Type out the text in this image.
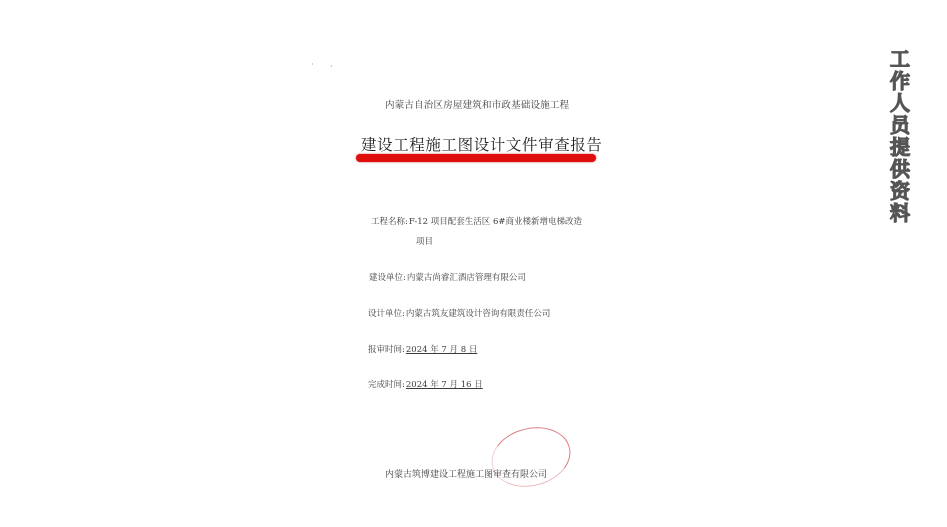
· ·
内蒙古自治区房屋建筑和市政基础设施工程
建设工程施工图设计文件审查报告
工程名称:F-12 项目配套生活区 6#商业楼新增电梯改造
项目
建设单位:内蒙古尚睿汇酒店管理有限公司
设计单位:内蒙古筑友建筑设计咨询有限责任公司
报审时间:2024 年 7 月 8 日
完成时间:2024 年 7 月 16 日
内蒙古筑博建设工程施工图审查有限公司
工
作
人
员
提
供
资
料
